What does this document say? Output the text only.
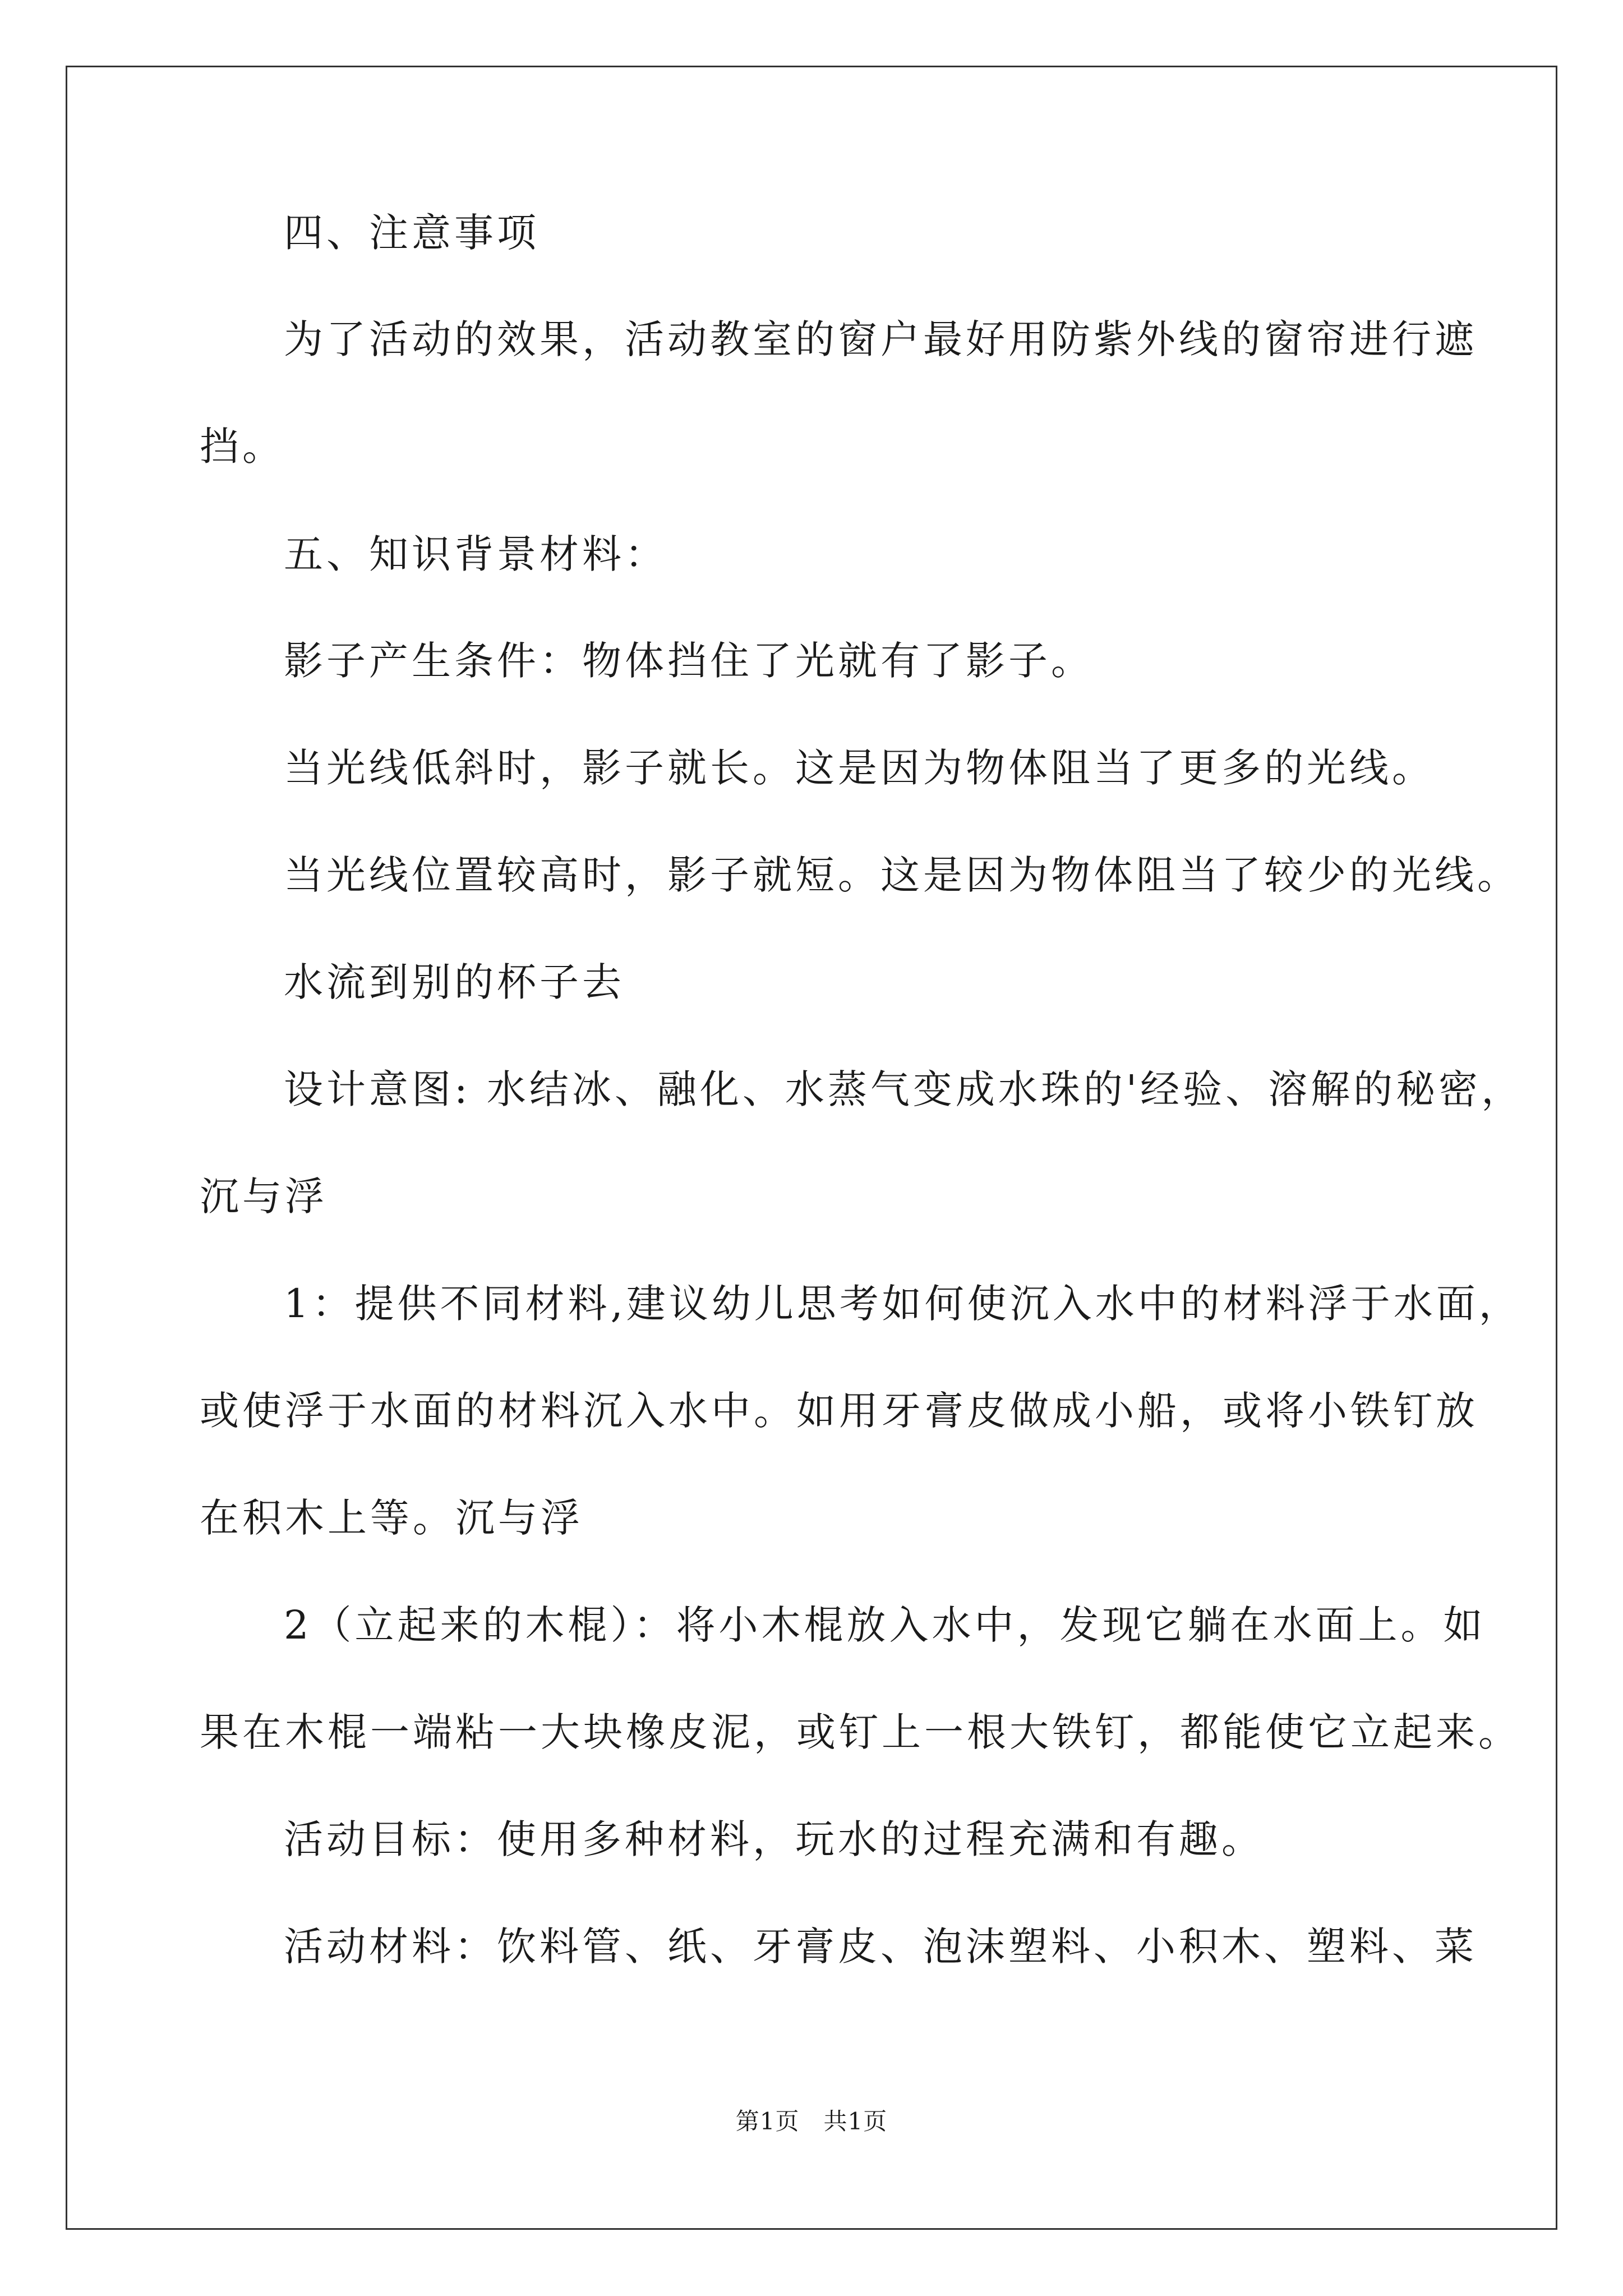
四、注意事项
为了活动的效果，活动教室的窗户最好用防紫外线的窗帘进行遮
挡。
五、知识背景材料：
影子产生条件：物体挡住了光就有了影子。
当光线低斜时，影子就长。这是因为物体阻当了更多的光线。
当光线位置较高时，影子就短。这是因为物体阻当了较少的光线。
水流到别的杯子去
设计意图: 水结冰、融化、水蒸气变成水珠的'经验、溶解的秘密，
沉与浮
1：提供不同材料,建议幼儿思考如何使沉入水中的材料浮于水面，
或使浮于水面的材料沉入水中。如用牙膏皮做成小船，或将小铁钉放
在积木上等。沉与浮
2（立起来的木棍）：将小木棍放入水中，发现它躺在水面上。如
果在木棍一端粘一大块橡皮泥，或钉上一根大铁钉，都能使它立起来。
活动目标：使用多种材料，玩水的过程充满和有趣。
活动材料：饮料管、纸、牙膏皮、泡沫塑料、小积木、塑料、菜
第1页   共1页
